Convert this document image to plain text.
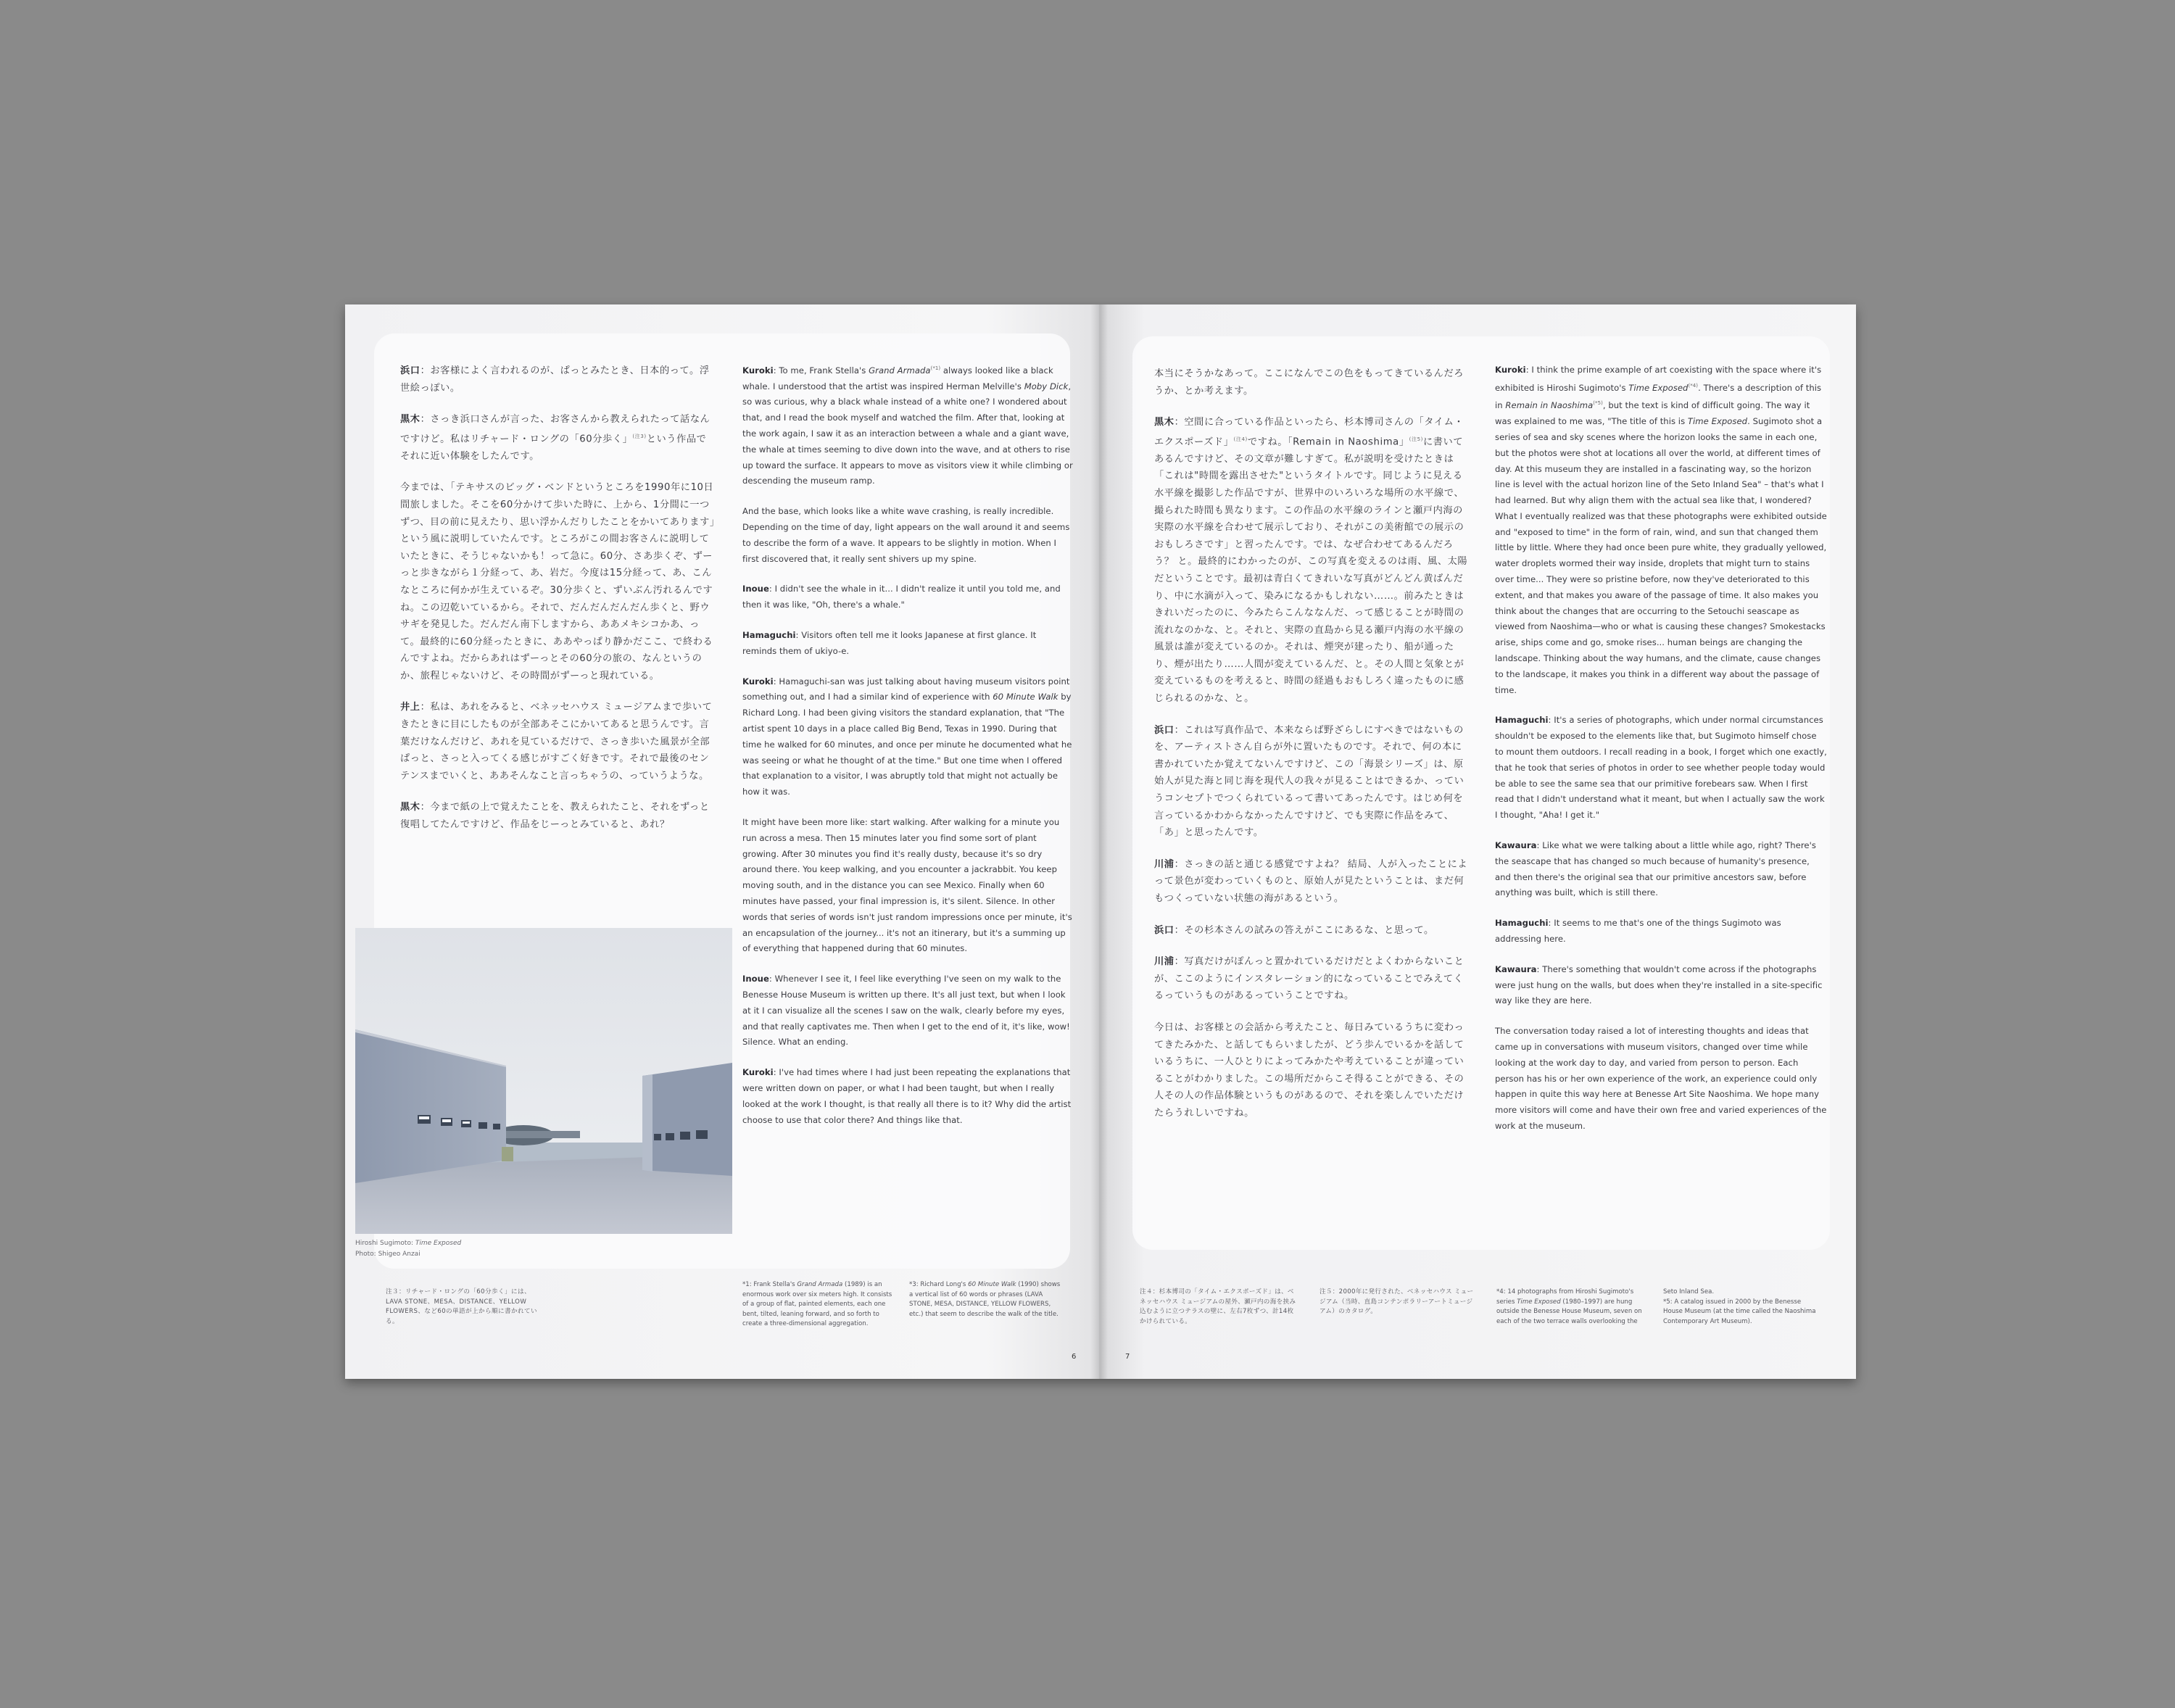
浜口：お客様によく言われるのが、ぱっとみたとき、日本的って。浮世絵っぽい。

黒木：さっき浜口さんが言った、お客さんから教えられたって話なんですけど。私はリチャード・ロングの「60分歩く」$^{(注3)}$という作品でそれに近い体験をしたんです。

今までは、「テキサスのビッグ・ベンドというところを1990年に10日間旅しました。そこを60分かけて歩いた時に、上から、1分間に一つずつ、目の前に見えたり、思い浮かんだりしたことをかいてあります」という風に説明していたんです。ところがこの間お客さんに説明していたときに、そうじゃないかも！って急に。60分、さあ歩くぞ、ずーっと歩きながら１分経って、あ、岩だ。今度は15分経って、あ、こんなところに何かが生えているぞ。30分歩くと、ずいぶん汚れるんですね。この辺乾いているから。それで、だんだんだんだん歩くと、野ウサギを発見した。だんだん南下しますから、ああメキシコかあ、って。最終的に60分経ったときに、ああやっぱり静かだここ、で終わるんですよね。だからあれはずーっとその60分の旅の、なんというのか、旅程じゃないけど、その時間がずーっと現れている。

井上：私は、あれをみると、ベネッセハウス ミュージアムまで歩いてきたときに目にしたものが全部あそこにかいてあると思うんです。言葉だけなんだけど、あれを見ているだけで、さっき歩いた風景が全部ぱっと、さっと入ってくる感じがすごく好きです。それで最後のセンテンスまでいくと、ああそんなこと言っちゃうの、っていうような。

黒木：今まで紙の上で覚えたことを、教えられたこと、それをずっと復唱してたんですけど、作品をじーっとみていると、あれ？

Kuroki: To me, Frank Stella's Grand Armada$^{(*1)}$ always looked like a black whale. I understood that the artist was inspired Herman Melville's Moby Dick, so was curious, why a black whale instead of a white one? I wondered about that, and I read the book myself and watched the film. After that, looking at the work again, I saw it as an interaction between a whale and a giant wave, the whale at times seeming to dive down into the wave, and at others to rise up toward the surface. It appears to move as visitors view it while climbing or descending the museum ramp.

And the base, which looks like a white wave crashing, is really incredible. Depending on the time of day, light appears on the wall around it and seems to describe the form of a wave. It appears to be slightly in motion. When I first discovered that, it really sent shivers up my spine.

Inoue: I didn't see the whale in it... I didn't realize it until you told me, and then it was like, "Oh, there's a whale."

Hamaguchi: Visitors often tell me it looks Japanese at first glance. It reminds them of ukiyo-e.

Kuroki: Hamaguchi-san was just talking about having museum visitors point something out, and I had a similar kind of experience with 60 Minute Walk by Richard Long. I had been giving visitors the standard explanation, that "The artist spent 10 days in a place called Big Bend, Texas in 1990. During that time he walked for 60 minutes, and once per minute he documented what he was seeing or what he thought of at the time." But one time when I offered that explanation to a visitor, I was abruptly told that might not actually be how it was.

It might have been more like: start walking. After walking for a minute you run across a mesa. Then 15 minutes later you find some sort of plant growing. After 30 minutes you find it's really dusty, because it's so dry around there. You keep walking, and you encounter a jackrabbit. You keep moving south, and in the distance you can see Mexico. Finally when 60 minutes have passed, your final impression is, it's silent. Silence. In other words that series of words isn't just random impressions once per minute, it's an encapsulation of the journey... it's not an itinerary, but it's a summing up of everything that happened during that 60 minutes.

Inoue: Whenever I see it, I feel like everything I've seen on my walk to the Benesse House Museum is written up there. It's all just text, but when I look at it I can visualize all the scenes I saw on the walk, clearly before my eyes, and that really captivates me. Then when I get to the end of it, it's like, wow! Silence. What an ending.

Kuroki: I've had times where I had just been repeating the explanations that were written down on paper, or what I had been taught, but when I really looked at the work I thought, is that really all there is to it? Why did the artist choose to use that color there? And things like that.

Hiroshi Sugimoto: Time Exposed
Photo: Shigeo Anzai
注３：リチャード・ロングの「60分歩く」には、LAVA STONE、MESA、DISTANCE、YELLOW FLOWERS、など60の単語が上から順に書かれている。
*1: Frank Stella's Grand Armada (1989) is an enormous work over six meters high. It consists of a group of flat, painted elements, each one bent, tilted, leaning forward, and so forth to create a three-dimensional aggregation.
*3: Richard Long's 60 Minute Walk (1990) shows a vertical list of 60 words or phrases (LAVA STONE, MESA, DISTANCE, YELLOW FLOWERS, etc.) that seem to describe the walk of the title.
6

本当にそうかなあって。ここになんでこの色をもってきているんだろうか、とか考えます。

黒木：空間に合っている作品といったら、杉本博司さんの「タイム・エクスポーズド」$^{(注4)}$ですね。「Remain in Naoshima」$^{(注5)}$に書いてあるんですけど、その文章が難しすぎて。私が説明を受けたときは「これは"時間を露出させた"というタイトルです。同じように見える水平線を撮影した作品ですが、世界中のいろいろな場所の水平線で、撮られた時間も異なります。この作品の水平線のラインと瀬戸内海の実際の水平線を合わせて展示しており、それがこの美術館での展示のおもしろさです」と習ったんです。では、なぜ合わせてあるんだろう？ と。最終的にわかったのが、この写真を変えるのは雨、風、太陽だということです。最初は青白くてきれいな写真がどんどん黄ばんだり、中に水滴が入って、染みになるかもしれない……。前みたときはきれいだったのに、今みたらこんななんだ、って感じることが時間の流れなのかな、と。それと、実際の直島から見る瀬戸内海の水平線の風景は誰が変えているのか。それは、煙突が建ったり、船が通ったり、煙が出たり……人間が変えているんだ、と。その人間と気象とが変えているものを考えると、時間の経過もおもしろく違ったものに感じられるのかな、と。

浜口：これは写真作品で、本来ならば野ざらしにすべきではないものを、アーティストさん自らが外に置いたものです。それで、何の本に書かれていたか覚えてないんですけど、この「海景シリーズ」は、原始人が見た海と同じ海を現代人の我々が見ることはできるか、っていうコンセプトでつくられているって書いてあったんです。はじめ何を言っているかわからなかったんですけど、でも実際に作品をみて、「あ」と思ったんです。

川浦：さっきの話と通じる感覚ですよね？ 結局、人が入ったことによって景色が変わっていくものと、原始人が見たということは、まだ何もつくっていない状態の海があるという。

浜口：その杉本さんの試みの答えがここにあるな、と思って。

川浦：写真だけがぽんっと置かれているだけだとよくわからないことが、ここのようにインスタレーション的になっていることでみえてくるっていうものがあるっていうことですね。

今日は、お客様との会話から考えたこと、毎日みているうちに変わってきたみかた、と話してもらいましたが、どう歩んでいるかを話しているうちに、一人ひとりによってみかたや考えていることが違っていることがわかりました。この場所だからこそ得ることができる、その人その人の作品体験というものがあるので、それを楽しんでいただけたらうれしいですね。

Kuroki: I think the prime example of art coexisting with the space where it's exhibited is Hiroshi Sugimoto's Time Exposed$^{(*4)}$. There's a description of this in Remain in Naoshima$^{(*5)}$, but the text is kind of difficult going. The way it was explained to me was, "The title of this is Time Exposed. Sugimoto shot a series of sea and sky scenes where the horizon looks the same in each one, but the photos were shot at locations all over the world, at different times of day. At this museum they are installed in a fascinating way, so the horizon line is level with the actual horizon line of the Seto Inland Sea" – that's what I had learned. But why align them with the actual sea like that, I wondered? What I eventually realized was that these photographs were exhibited outside and "exposed to time" in the form of rain, wind, and sun that changed them little by little. Where they had once been pure white, they gradually yellowed, water droplets wormed their way inside, droplets that might turn to stains over time... They were so pristine before, now they've deteriorated to this extent, and that makes you aware of the passage of time. It also makes you think about the changes that are occurring to the Setouchi seascape as viewed from Naoshima—who or what is causing these changes? Smokestacks arise, ships come and go, smoke rises... human beings are changing the landscape. Thinking about the way humans, and the climate, cause changes to the landscape, it makes you think in a different way about the passage of time.

Hamaguchi: It's a series of photographs, which under normal circumstances shouldn't be exposed to the elements like that, but Sugimoto himself chose to mount them outdoors. I recall reading in a book, I forget which one exactly, that he took that series of photos in order to see whether people today would be able to see the same sea that our primitive forebears saw. When I first read that I didn't understand what it meant, but when I actually saw the work I thought, "Aha! I get it."

Kawaura: Like what we were talking about a little while ago, right? There's the seascape that has changed so much because of humanity's presence, and then there's the original sea that our primitive ancestors saw, before anything was built, which is still there.

Hamaguchi: It seems to me that's one of the things Sugimoto was addressing here.

Kawaura: There's something that wouldn't come across if the photographs were just hung on the walls, but does when they're installed in a site-specific way like they are here.

The conversation today raised a lot of interesting thoughts and ideas that came up in conversations with museum visitors, changed over time while looking at the work day to day, and varied from person to person. Each person has his or her own experience of the work, an experience could only happen in quite this way here at Benesse Art Site Naoshima. We hope many more visitors will come and have their own free and varied experiences of the work at the museum.

注４：杉本博司の「タイム・エクスポーズド」は、ベネッセハウス ミュージアムの屋外、瀬戸内の海を挟み込むように立つテラスの壁に、左右7枚ずつ、計14枚かけられている。
注５：2000年に発行された、ベネッセハウス ミュージアム（当時、直島コンテンポラリーアートミュージアム）のカタログ。
*4: 14 photographs from Hiroshi Sugimoto's series Time Exposed (1980–1997) are hung outside the Benesse House Museum, seven on each of the two terrace walls overlooking the
Seto Inland Sea.
*5: A catalog issued in 2000 by the Benesse House Museum (at the time called the Naoshima Contemporary Art Museum).
7
